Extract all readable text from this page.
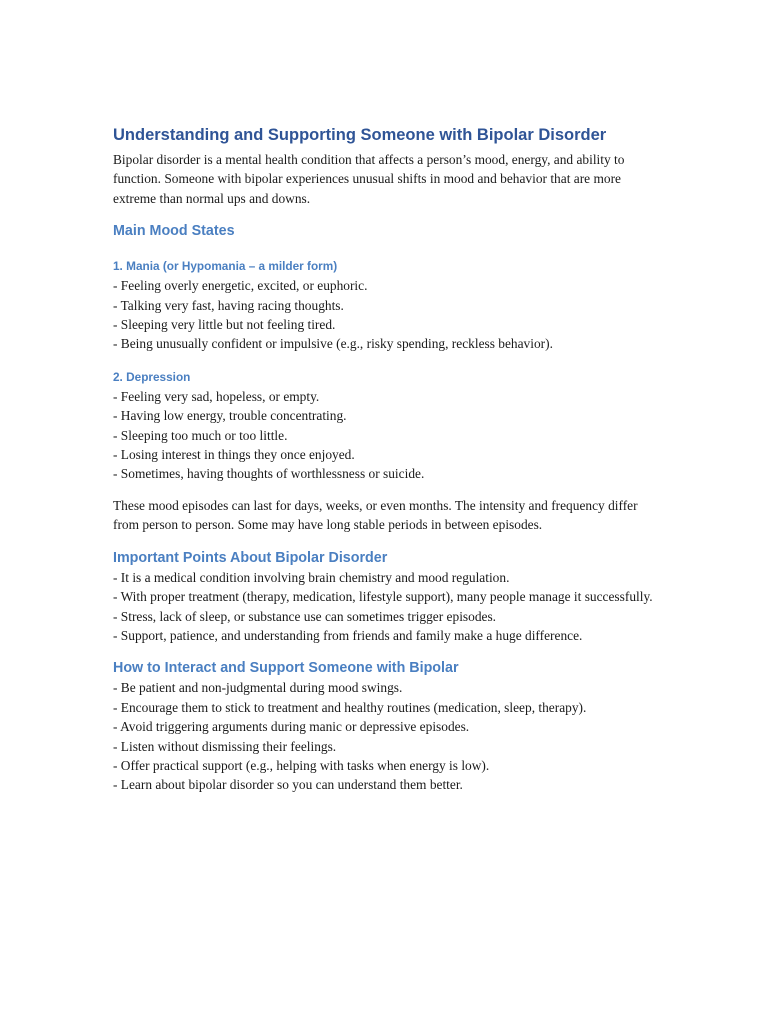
Understanding and Supporting Someone with Bipolar Disorder

Bipolar disorder is a mental health condition that affects a person’s mood, energy, and ability to function. Someone with bipolar experiences unusual shifts in mood and behavior that are more extreme than normal ups and downs.

Main Mood States
1. Mania (or Hypomania – a milder form)
- Feeling overly energetic, excited, or euphoric.
- Talking very fast, having racing thoughts.
- Sleeping very little but not feeling tired.
- Being unusually confident or impulsive (e.g., risky spending, reckless behavior).
2. Depression
- Feeling very sad, hopeless, or empty.
- Having low energy, trouble concentrating.
- Sleeping too much or too little.
- Losing interest in things they once enjoyed.
- Sometimes, having thoughts of worthlessness or suicide.

These mood episodes can last for days, weeks, or even months. The intensity and frequency differ from person to person. Some may have long stable periods in between episodes.

Important Points About Bipolar Disorder
- It is a medical condition involving brain chemistry and mood regulation.
- With proper treatment (therapy, medication, lifestyle support), many people manage it successfully.
- Stress, lack of sleep, or substance use can sometimes trigger episodes.
- Support, patience, and understanding from friends and family make a huge difference.
How to Interact and Support Someone with Bipolar
- Be patient and non-judgmental during mood swings.
- Encourage them to stick to treatment and healthy routines (medication, sleep, therapy).
- Avoid triggering arguments during manic or depressive episodes.
- Listen without dismissing their feelings.
- Offer practical support (e.g., helping with tasks when energy is low).
- Learn about bipolar disorder so you can understand them better.
